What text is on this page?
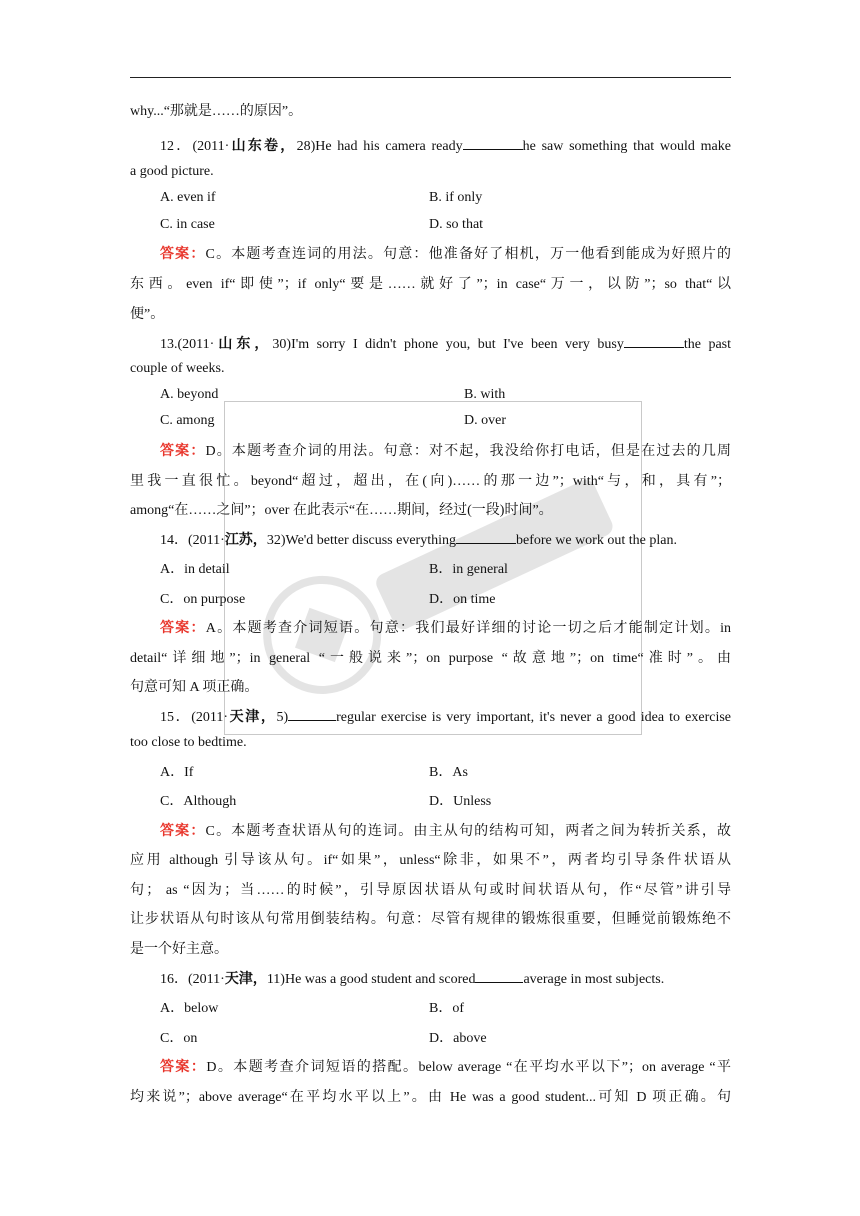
why...“那就是……的原因”。
12．(2011·山东卷，28)He had his camera ready	he saw something that would make
a good picture.
A. even if	B. if only
C. in case	D. so that
答案：C。本题考查连词的用法。句意：他准备好了相机，万一他看到能成为好照片的
东西。even if“即使”；if only“要是……就好了”；in case“万一，以防”；so that“以
便”。
13.(2011·山东，30)I'm sorry I didn't phone you, but I've been very busy	the past
couple of weeks.
A. beyond	B. with
C. among	D. over
答案：D。本题考查介词的用法。句意：对不起，我没给你打电话，但是在过去的几周
里我一直很忙。beyond“超过，超出，在(向)……的那一边”；with“与，和，具有”；
among“在……之间”；over 在此表示“在……期间，经过(一段)时间”。
14．(2011·江苏，32)We'd better discuss everything	before we work out the plan.
A．in detail	B．in general
C．on purpose	D．on time
答案：A。本题考查介词短语。句意：我们最好详细的讨论一切之后才能制定计划。in
detail“详细地”；in general “一般说来”；on purpose “故意地”；on time“准时”。由
句意可知 A 项正确。
15．(2011·天津，5)	regular exercise is very important, it's never a good idea to exercise
too close to bedtime.
A．If	B．As
C．Although	D．Unless
答案：C。本题考查状语从句的连词。由主从句的结构可知，两者之间为转折关系，故
应用 although 引导该从句。if“如果”，unless“除非，如果不”，两者均引导条件状语从
句； as “因为；当……的时候”，引导原因状语从句或时间状语从句，作“尽管”讲引导
让步状语从句时该从句常用倒装结构。句意：尽管有规律的锻炼很重要，但睡觉前锻炼绝不
是一个好主意。
16．(2011·天津，11)He was a good student and scored	average in most subjects.
A．below	B．of
C．on	D．above
答案：D。本题考查介词短语的搭配。below average “在平均水平以下”；on average “平
均来说”；above average“在平均水平以上”。由 He was a good student...可知 D 项正确。句
